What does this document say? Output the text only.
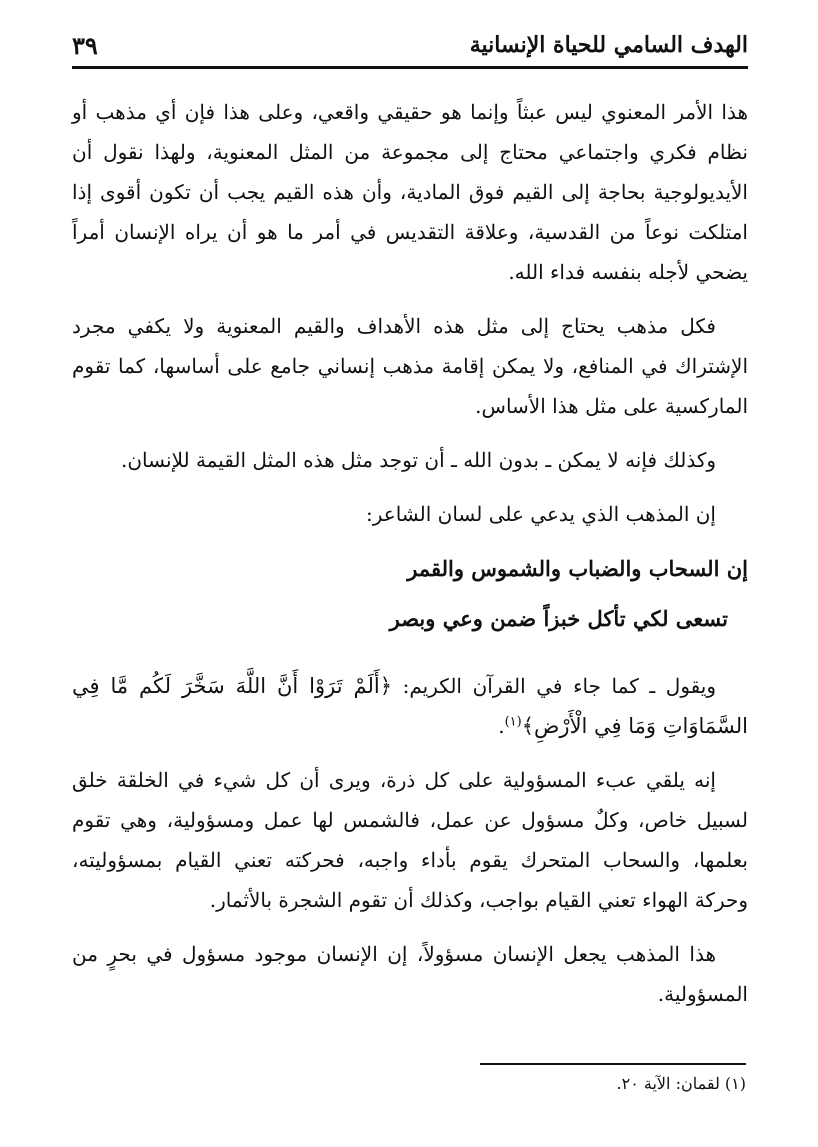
الهدف السامي للحياة الإنسانية
٣٩

هذا الأمر المعنوي ليس عبثاً وإنما هو حقيقي واقعي، وعلى هذا فإن أي مذهب أو نظام فكري واجتماعي محتاج إلى مجموعة من المثل المعنوية، ولهذا نقول أن الأيديولوجية بحاجة إلى القيم فوق المادية، وأن هذه القيم يجب أن تكون أقوى إذا امتلكت نوعاً من القدسية، وعلاقة التقديس في أمر ما هو أن يراه الإنسان أمراً يضحي لأجله بنفسه فداء الله.

فكل مذهب يحتاج إلى مثل هذه الأهداف والقيم المعنوية ولا يكفي مجرد الإشتراك في المنافع، ولا يمكن إقامة مذهب إنساني جامع على أساسها، كما تقوم الماركسية على مثل هذا الأساس.

وكذلك فإنه لا يمكن ـ بدون الله ـ أن توجد مثل هذه المثل القيمة للإنسان.

إن المذهب الذي يدعي على لسان الشاعر:

إن السحاب والضباب والشموس والقمر
تسعى لكي تأكل خبزاً ضمن وعي وبصر

ويقول ـ كما جاء في القرآن الكريم: ﴿أَلَمْ تَرَوْا أَنَّ اللَّهَ سَخَّرَ لَكُم مَّا فِي السَّمَاوَاتِ وَمَا فِي الْأَرْضِ﴾$^{(١)}$.

إنه يلقي عبء المسؤولية على كل ذرة، ويرى أن كل شيء في الخلقة خلق لسبيل خاص، وكلٌ مسؤول عن عمل، فالشمس لها عمل ومسؤولية، وهي تقوم بعلمها، والسحاب المتحرك يقوم بأداء واجبه، فحركته تعني القيام بمسؤوليته، وحركة الهواء تعني القيام بواجب، وكذلك أن تقوم الشجرة بالأثمار.

هذا المذهب يجعل الإنسان مسؤولاً، إن الإنسان موجود مسؤول في بحرٍ من المسؤولية.

(١) لقمان: الآية ٢٠.
